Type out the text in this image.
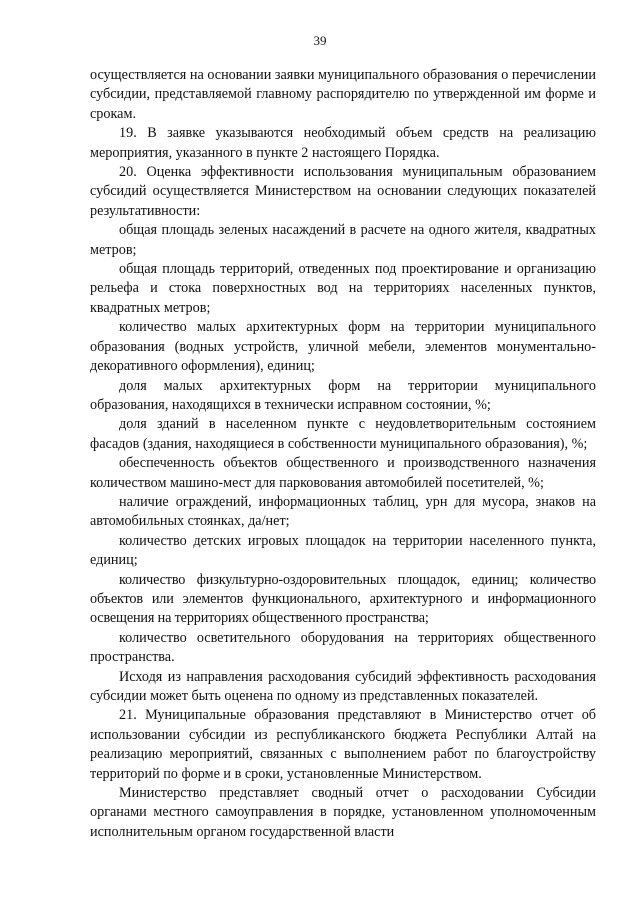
39

осуществляется на основании заявки муниципального образования о перечислении субсидии, представляемой главному распорядителю по утвержденной им форме и срокам.

19. В заявке указываются необходимый объем средств на реализацию мероприятия, указанного в пункте 2 настоящего Порядка.

20. Оценка эффективности использования муниципальным образованием субсидий осуществляется Министерством на основании следующих показателей результативности:

общая площадь зеленых насаждений в расчете на одного жителя, квадратных метров;

общая площадь территорий, отведенных под проектирование и организацию рельефа и стока поверхностных вод на территориях населенных пунктов, квадратных метров;

количество малых архитектурных форм на территории муниципального образования (водных устройств, уличной мебели, элементов монументально-декоративного оформления), единиц;

доля малых архитектурных форм на территории муниципального образования, находящихся в технически исправном состоянии, %;

доля зданий в населенном пункте с неудовлетворительным состоянием фасадов (здания, находящиеся в собственности муниципального образования), %;

обеспеченность объектов общественного и производственного назначения количеством машино-мест для парковования автомобилей посетителей, %;

наличие ограждений, информационных таблиц, урн для мусора, знаков на автомобильных стоянках, да/нет;

количество детских игровых площадок на территории населенного пункта, единиц;

количество физкультурно-оздоровительных площадок, единиц; количество объектов или элементов функционального, архитектурного и информационного освещения на территориях общественного пространства;

количество осветительного оборудования на территориях общественного пространства.

Исходя из направления расходования субсидий эффективность расходования субсидии может быть оценена по одному из представленных показателей.

21. Муниципальные образования представляют в Министерство отчет об использовании субсидии из республиканского бюджета Республики Алтай на реализацию мероприятий, связанных с выполнением работ по благоустройству территорий по форме и в сроки, установленные Министерством.

Министерство представляет сводный отчет о расходовании Субсидии органами местного самоуправления в порядке, установленном уполномоченным исполнительным органом государственной власти
